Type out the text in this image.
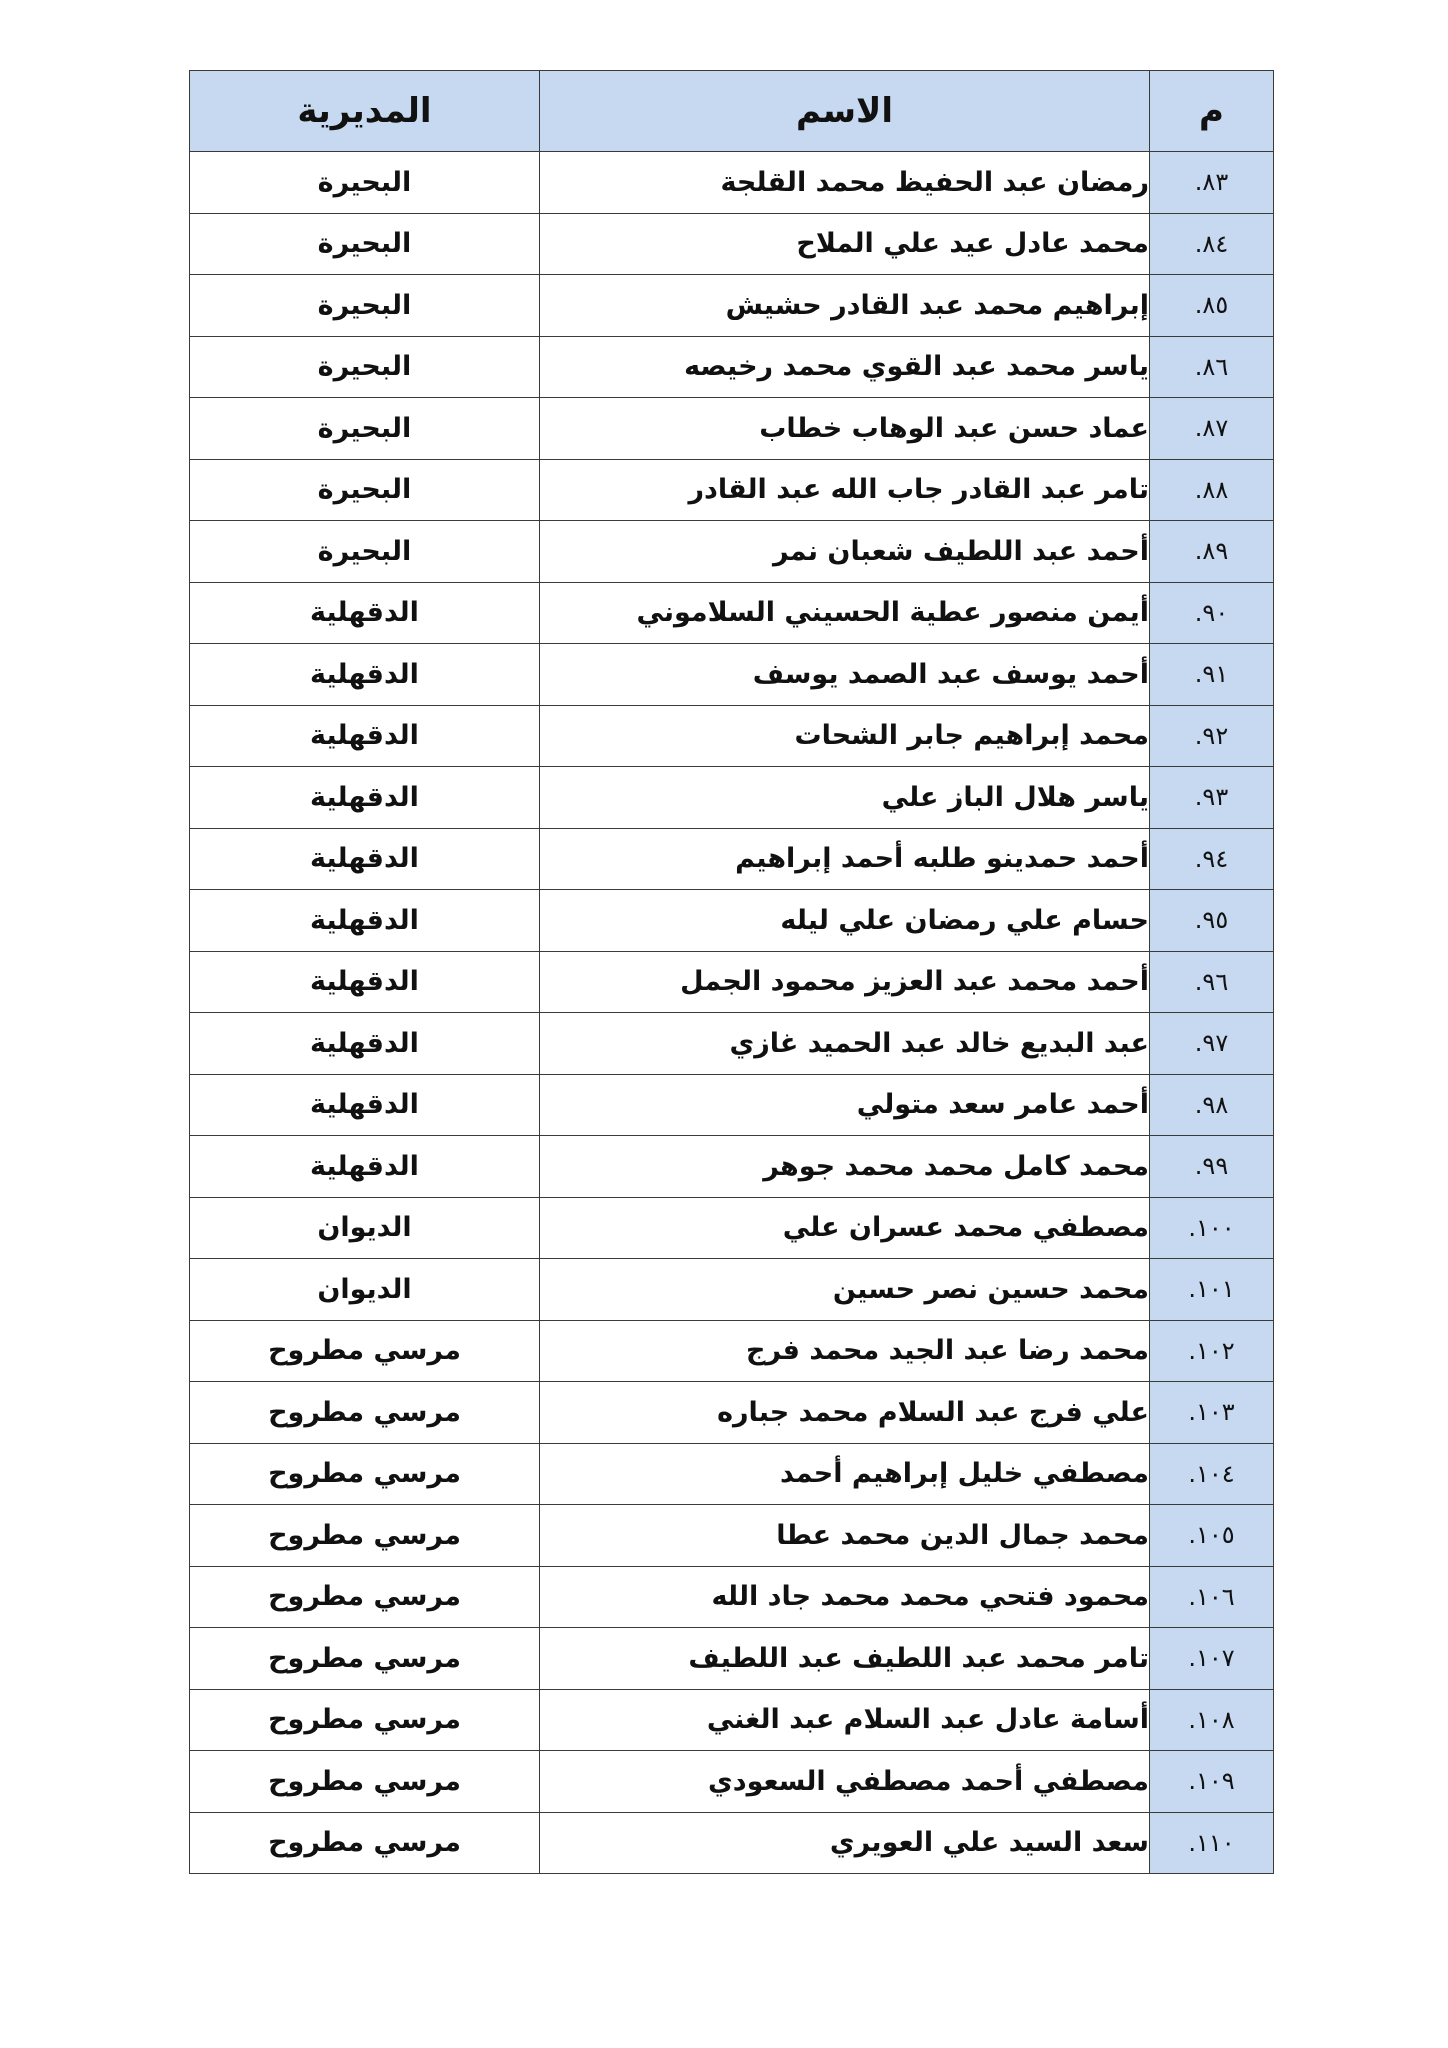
م	الاسم	المديرية
٨٣.	رمضان عبد الحفيظ محمد القلجة	البحيرة
٨٤.	محمد عادل عيد علي الملاح	البحيرة
٨٥.	إبراهيم محمد عبد القادر حشيش	البحيرة
٨٦.	ياسر محمد عبد القوي محمد رخيصه	البحيرة
٨٧.	عماد حسن عبد الوهاب خطاب	البحيرة
٨٨.	تامر عبد القادر جاب الله عبد القادر	البحيرة
٨٩.	أحمد عبد اللطيف شعبان نمر	البحيرة
٩٠.	أيمن منصور عطية الحسيني السلاموني	الدقهلية
٩١.	أحمد يوسف عبد الصمد يوسف	الدقهلية
٩٢.	محمد إبراهيم جابر الشحات	الدقهلية
٩٣.	ياسر هلال الباز علي	الدقهلية
٩٤.	أحمد حمدينو طلبه أحمد إبراهيم	الدقهلية
٩٥.	حسام علي رمضان علي ليله	الدقهلية
٩٦.	أحمد محمد عبد العزيز محمود الجمل	الدقهلية
٩٧.	عبد البديع خالد عبد الحميد غازي	الدقهلية
٩٨.	أحمد عامر سعد متولي	الدقهلية
٩٩.	محمد كامل محمد محمد جوهر	الدقهلية
١٠٠.	مصطفي محمد عسران علي	الديوان
١٠١.	محمد حسين نصر حسين	الديوان
١٠٢.	محمد رضا عبد الجيد محمد فرج	مرسي مطروح
١٠٣.	علي فرج عبد السلام محمد جباره	مرسي مطروح
١٠٤.	مصطفي خليل إبراهيم أحمد	مرسي مطروح
١٠٥.	محمد جمال الدين محمد عطا	مرسي مطروح
١٠٦.	محمود فتحي محمد محمد جاد الله	مرسي مطروح
١٠٧.	تامر محمد عبد اللطيف عبد اللطيف	مرسي مطروح
١٠٨.	أسامة عادل عبد السلام عبد الغني	مرسي مطروح
١٠٩.	مصطفي أحمد مصطفي السعودي	مرسي مطروح
١١٠.	سعد السيد علي العويري	مرسي مطروح
